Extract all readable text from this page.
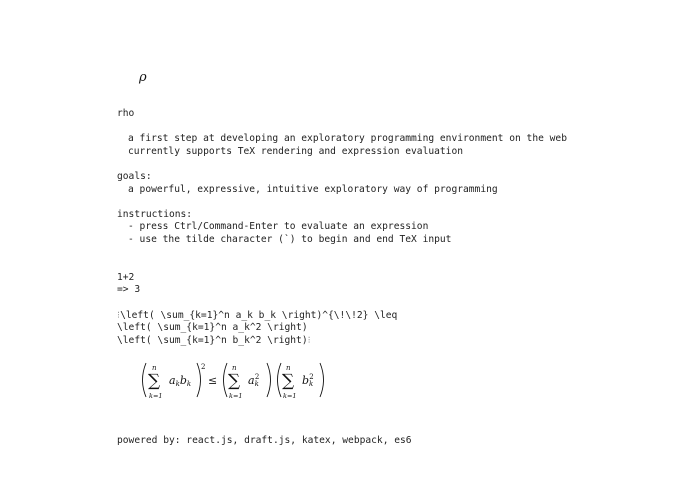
ρ
rho
a first step at developing an exploratory programming environment on the web
currently supports TeX rendering and expression evaluation
goals:
a powerful, expressive, intuitive exploratory way of programming
instructions:
- press Ctrl/Command-Enter to evaluate an expression
- use the tilde character (`) to begin and end TeX input
1+2
=> 3
⁝\left( \sum_{k=1}^n a_k b_k \right)^{\!\!2} \leq
\left( \sum_{k=1}^n a_k^2 \right)
\left( \sum_{k=1}^n b_k^2 \right)⁝
n
∑
k=1
akbk
2
≤
n
∑
k=1
ak2
n
∑
k=1
bk2
powered by: react.js, draft.js, katex, webpack, es6
